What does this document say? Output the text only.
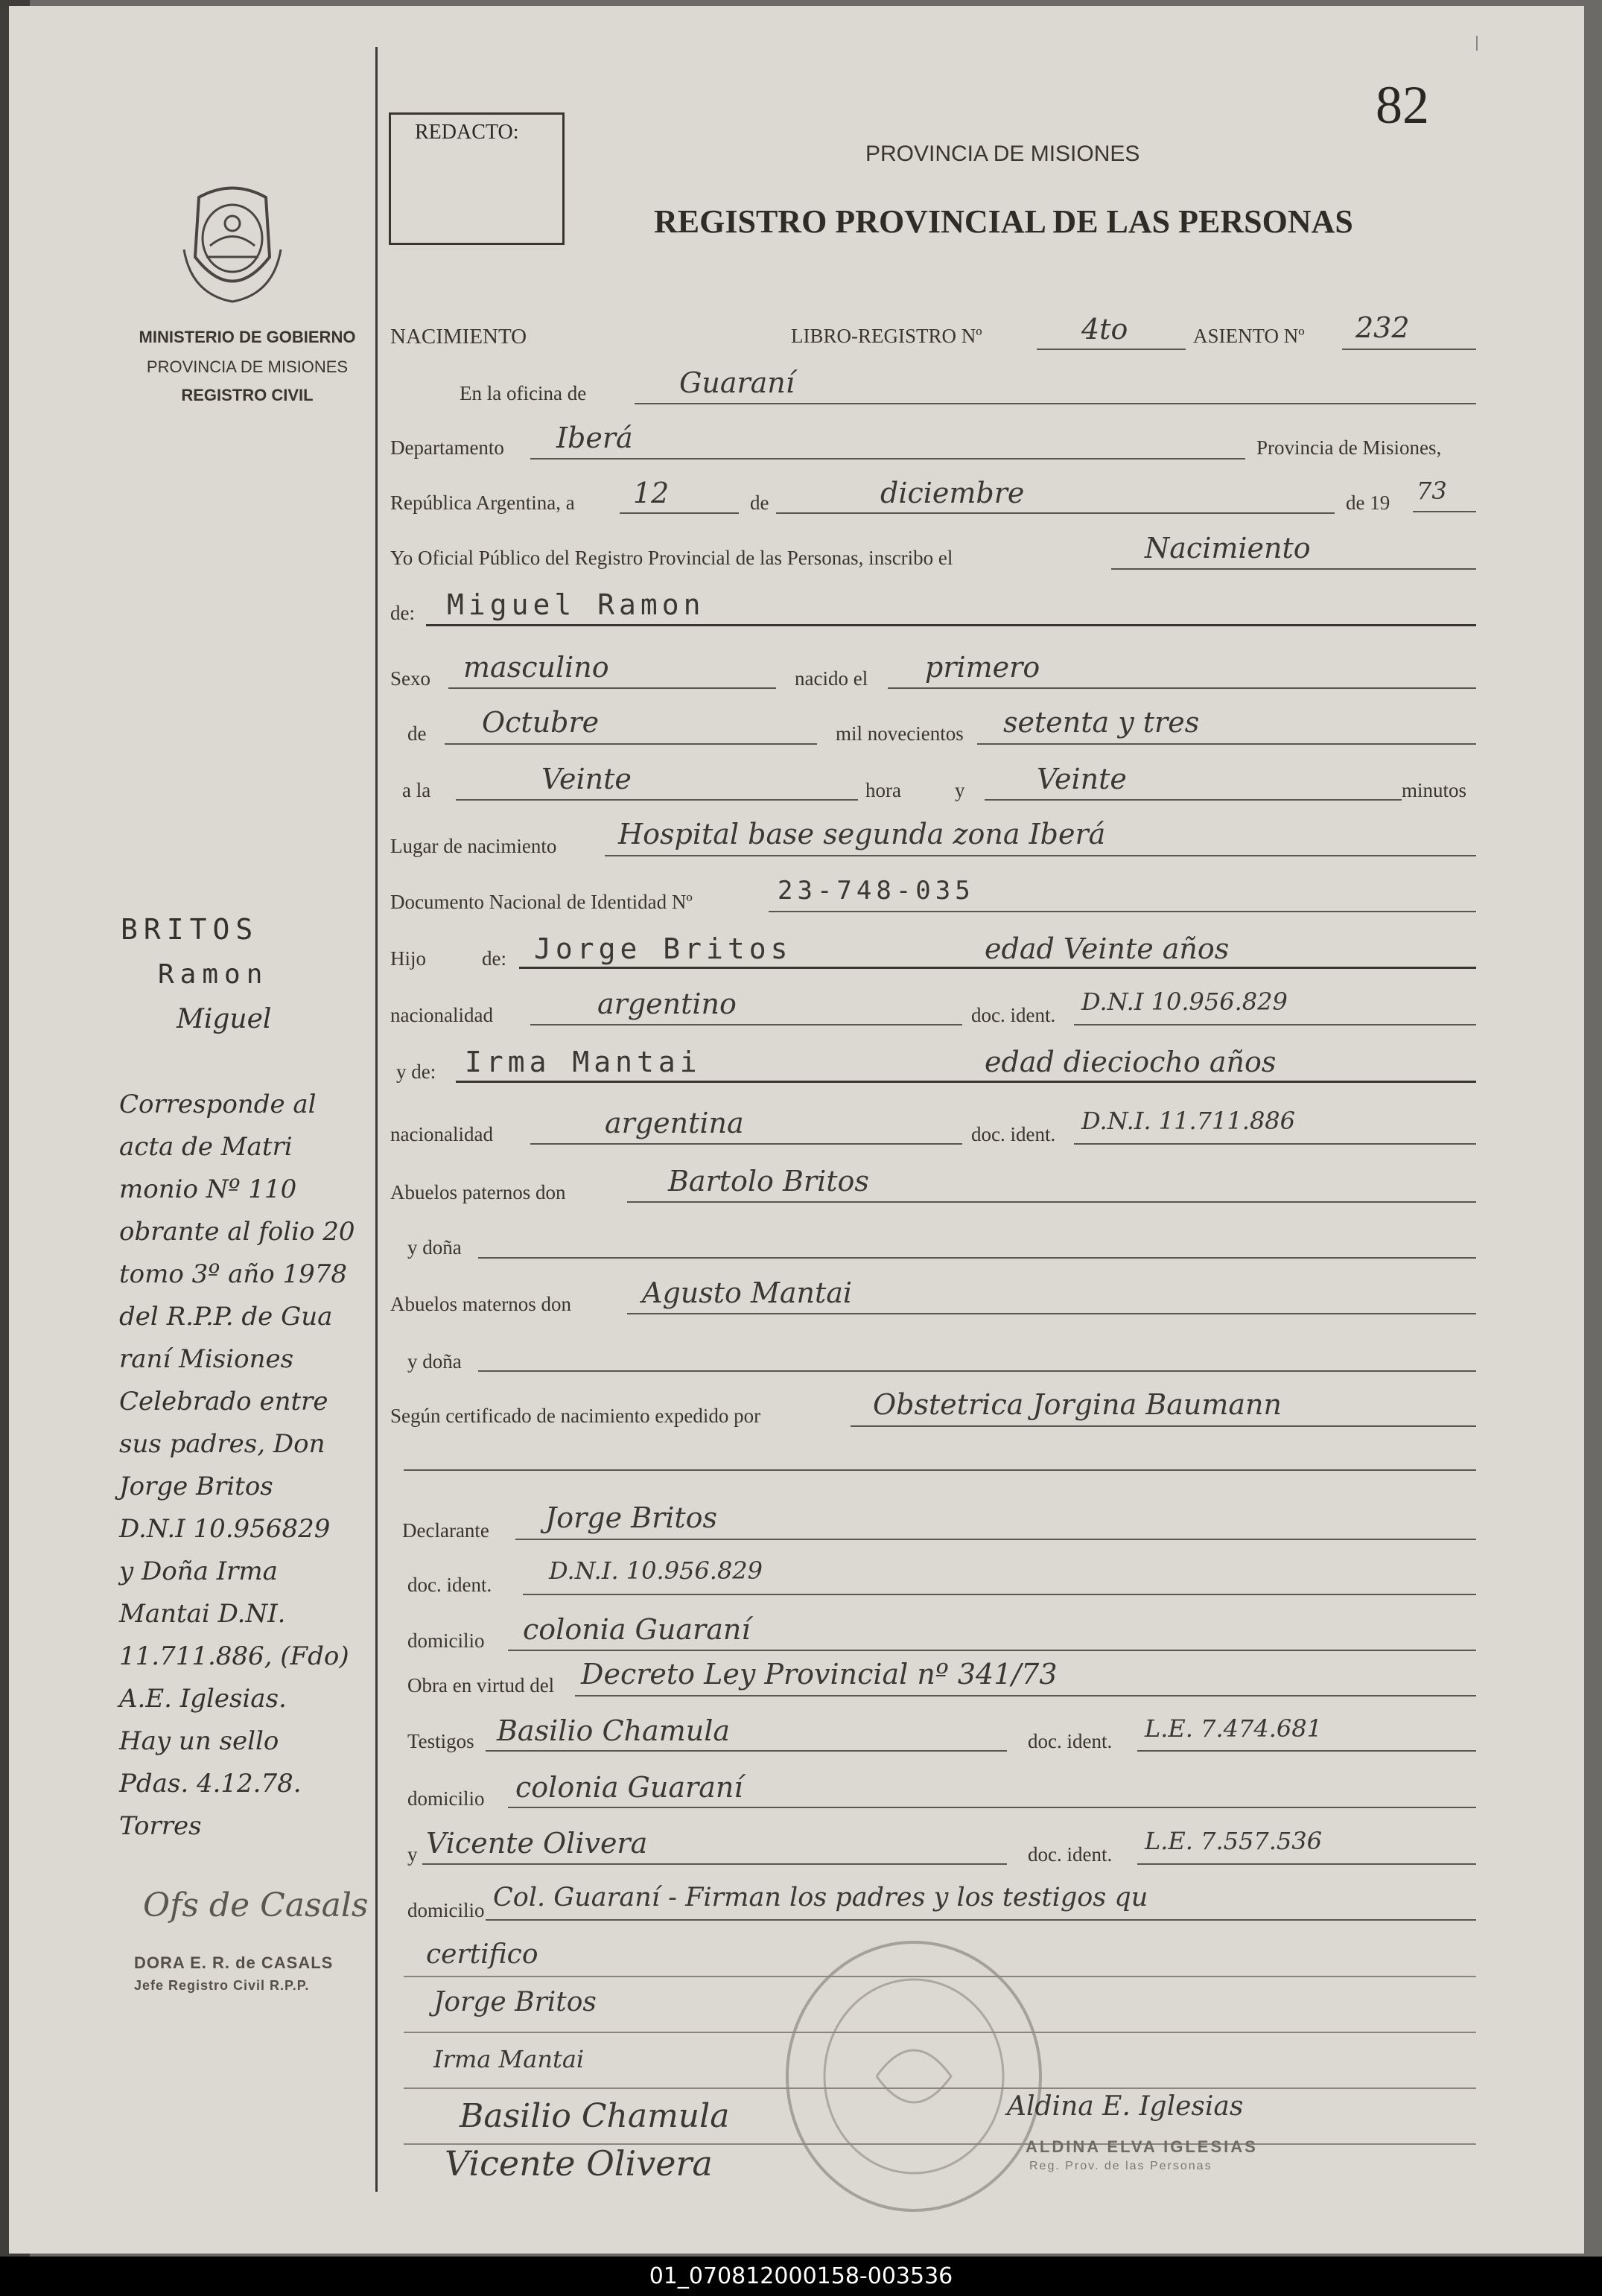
82
REDACTO:
PROVINCIA DE MISIONES
REGISTRO PROVINCIAL DE LAS PERSONAS
MINISTERIO DE GOBIERNO
PROVINCIA DE MISIONES
REGISTRO CIVIL
NACIMIENTO	LIBRO-REGISTRO Nº	4to	ASIENTO Nº 232
En la oficina de	Guaraní
Departamento Iberá	Provincia de Misiones,
República Argentina, a 12	de	diciembre	de 19 73
Yo Oficial Público del Registro Provincial de las Personas, inscribo el	Nacimiento
de: Miguel Ramon
Sexo masculino	nacido el primero
de Octubre	mil novecientos setenta y tres
a la	Veinte	hora	y	Veinte	minutos
Lugar de nacimiento Hospital base segunda zona Iberá
Documento Nacional de Identidad Nº	23-748-035
Hijo	de: Jorge Britos	edad Veinte años
nacionalidad	argentino	doc. ident. D.N.I 10.956.829
y de: Irma Mantai	edad dieciocho años
nacionalidad	argentina	doc. ident. D.N.I. 11.711.886
Abuelos paternos don	Bartolo Britos
y doña
Abuelos maternos don	Agusto Mantai
y doña
Según certificado de nacimiento expedido por	Obstetrica Jorgina Baumann
Declarante Jorge Britos
doc. ident. D.N.I. 10.956.829
domicilio colonia Guaraní
Obra en virtud del Decreto Ley Provincial nº 341/73
Testigos Basilio Chamula	doc. ident. L.E. 7.474.681
domicilio colonia Guaraní
y Vicente Olivera	doc. ident. L.E. 7.557.536
domicilio Col. Guaraní - Firman los padres y los testigos qu
certifico
Jorge Britos
Irma Mantai
Basilio Chamula
Vicente Olivera
Aldina E. Iglesias
ALDINA ELVA IGLESIAS
Reg. Prov. de las Personas
BRITOS
Ramon
Miguel
Corresponde al
acta de Matri
monio Nº 110
obrante al folio 20
tomo 3º año 1978
del R.P.P. de Gua
raní Misiones
Celebrado entre
sus padres, Don
Jorge Britos
D.N.I 10.956829
y Doña Irma
Mantai D.NI.
11.711.886, (Fdo)
A.E. Iglesias.
Hay un sello
Pdas. 4.12.78.
Torres
Ofs de Casals
DORA E. R. de CASALS
Jefe Registro Civil R.P.P.
01_070812000158-003536
